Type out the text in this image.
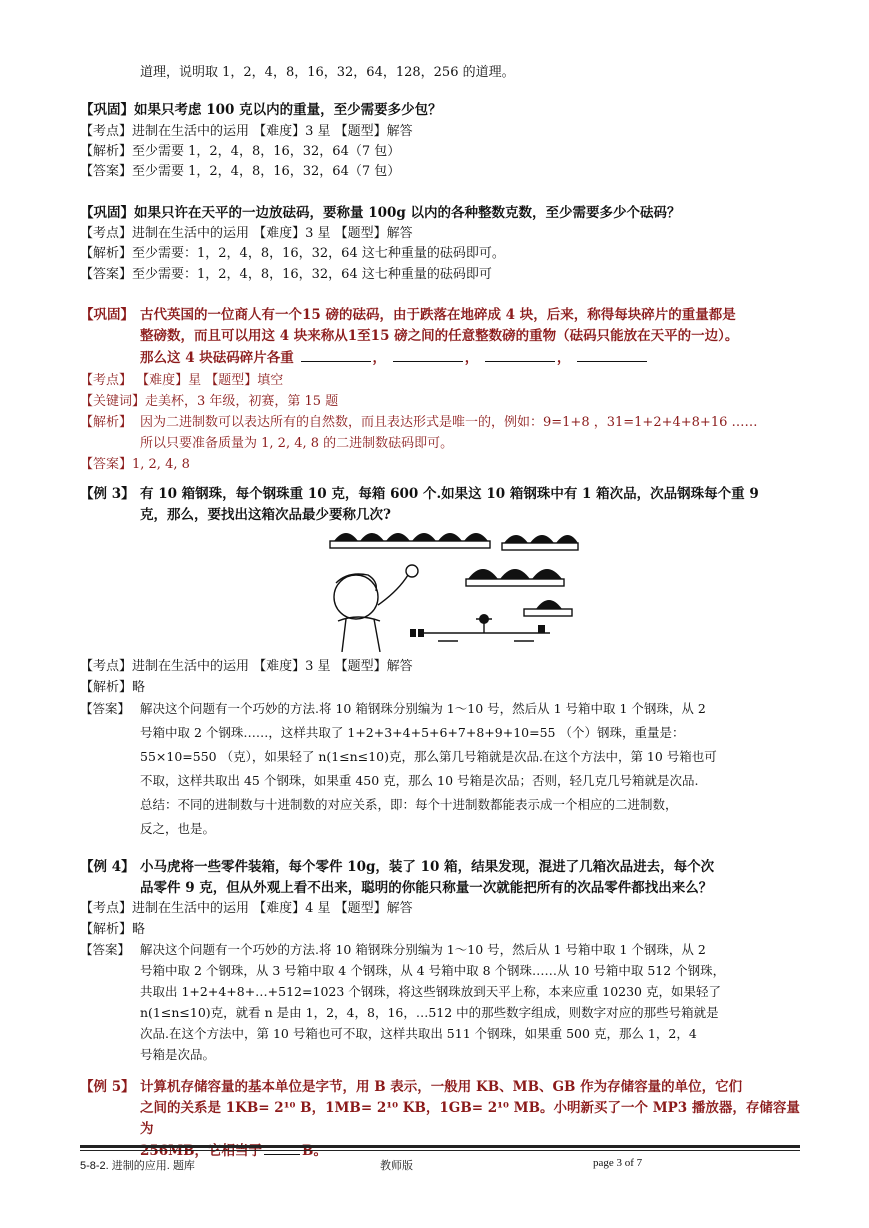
道理，说明取 1，2，4，8，16，32，64，128，256 的道理。
【巩固】如果只考虑 100 克以内的重量，至少需要多少包？
【考点】进制在生活中的运用 【难度】3 星 【题型】解答
【解析】至少需要 1，2，4，8，16，32，64（7 包）
【答案】至少需要 1，2，4，8，16，32，64（7 包）
【巩固】如果只许在天平的一边放砝码，要称量 100g 以内的各种整数克数，至少需要多少个砝码？
【考点】进制在生活中的运用 【难度】3 星 【题型】解答
【解析】至少需要：1，2，4，8，16，32，64 这七种重量的砝码即可。
【答案】至少需要：1，2，4，8，16，32，64 这七种重量的砝码即可
【巩固】 古代英国的一位商人有一个15 磅的砝码，由于跌落在地碎成 4 块，后来，称得每块碎片的重量都是
整磅数，而且可以用这 4 块来称从1至15 磅之间的任意整数磅的重物（砝码只能放在天平的一边）。
那么这 4 块砝码碎片各重	，	，	，
【考点】 【难度】星 【题型】填空
【关键词】走美杯，3 年级，初赛，第 15 题
【解析】 因为二进制数可以表达所有的自然数，而且表达形式是唯一的，例如：9=1+8 ，31=1+2+4+8+16 ……
所以只要准备质量为 1, 2, 4, 8 的二进制数砝码即可。
【答案】1, 2, 4, 8
【例 3】 有 10 箱钢珠，每个钢珠重 10 克，每箱 600 个.如果这 10 箱钢珠中有 1 箱次品，次品钢珠每个重 9
克，那么，要找出这箱次品最少要称几次?
【考点】进制在生活中的运用 【难度】3 星 【题型】解答
【解析】略
【答案】 解决这个问题有一个巧妙的方法.将 10 箱钢珠分别编为 1～10 号，然后从 1 号箱中取 1 个钢珠，从 2
号箱中取 2 个钢珠……，这样共取了 1+2+3+4+5+6+7+8+9+10=55 （个）钢珠，重量是：
55×10=550 （克），如果轻了 n(1≤n≤10)克，那么第几号箱就是次品.在这个方法中，第 10 号箱也可
不取，这样共取出 45 个钢珠，如果重 450 克，那么 10 号箱是次品；否则，轻几克几号箱就是次品.
总结：不同的进制数与十进制数的对应关系，即：每个十进制数都能表示成一个相应的二进制数，
反之，也是。
【例 4】 小马虎将一些零件装箱，每个零件 10g，装了 10 箱，结果发现，混进了几箱次品进去，每个次
品零件 9 克，但从外观上看不出来，聪明的你能只称量一次就能把所有的次品零件都找出来么？
【考点】进制在生活中的运用 【难度】4 星 【题型】解答
【解析】略
【答案】 解决这个问题有一个巧妙的方法.将 10 箱钢珠分别编为 1～10 号，然后从 1 号箱中取 1 个钢珠，从 2
号箱中取 2 个钢珠，从 3 号箱中取 4 个钢珠，从 4 号箱中取 8 个钢珠……从 10 号箱中取 512 个钢珠，
共取出 1+2+4+8+…+512=1023 个钢珠，将这些钢珠放到天平上称，本来应重 10230 克，如果轻了
n(1≤n≤10)克，就看 n 是由 1，2，4，8，16，…512 中的那些数字组成，则数字对应的那些号箱就是
次品.在这个方法中，第 10 号箱也可不取，这样共取出 511 个钢珠，如果重 500 克，那么 1，2，4
号箱是次品。
【例 5】 计算机存储容量的基本单位是字节，用 B 表示，一般用 KB、MB、GB 作为存储容量的单位，它们
之间的关系是 1KB= 2¹⁰ B，1MB= 2¹⁰ KB，1GB= 2¹⁰ MB。小明新买了一个 MP3 播放器，存储容量为
256MB，它相当于	B。
5-8-2. 进制的应用. 题库	教师版	page 3 of 7
